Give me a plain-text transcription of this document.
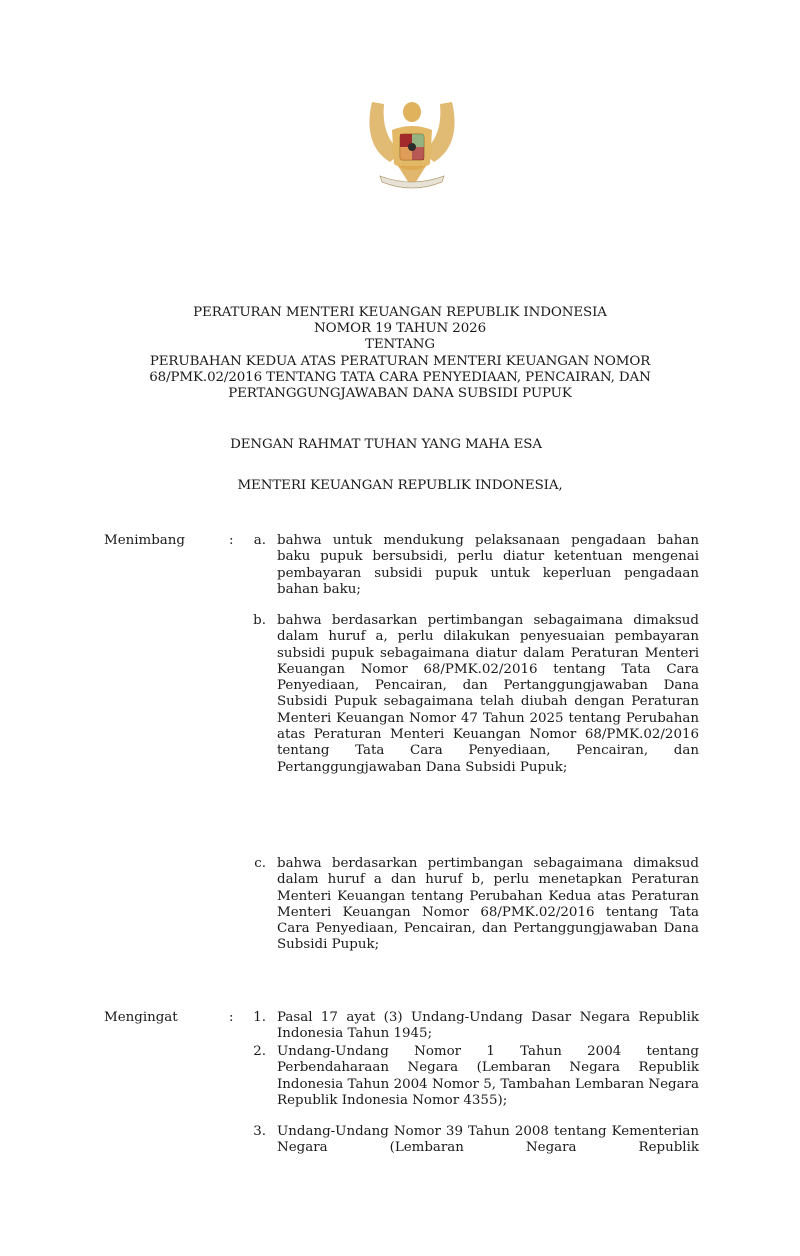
PERATURAN MENTERI KEUANGAN REPUBLIK INDONESIA
NOMOR 19 TAHUN 2026
TENTANG
PERUBAHAN KEDUA ATAS PERATURAN MENTERI KEUANGAN NOMOR
68/PMK.02/2016 TENTANG TATA CARA PENYEDIAAN, PENCAIRAN, DAN
PERTANGGUNGJAWABAN DANA SUBSIDI PUPUK
DENGAN RAHMAT TUHAN YANG MAHA ESA
MENTERI KEUANGAN REPUBLIK INDONESIA,
Menimbang	:	a. bahwa untuk mendukung pelaksanaan pengadaan bahan baku pupuk bersubsidi, perlu diatur ketentuan mengenai pembayaran subsidi pupuk untuk keperluan pengadaan bahan baku;
b. bahwa berdasarkan pertimbangan sebagaimana dimaksud dalam huruf a, perlu dilakukan penyesuaian pembayaran subsidi pupuk sebagaimana diatur dalam Peraturan Menteri Keuangan Nomor 68/PMK.02/2016 tentang Tata Cara Penyediaan, Pencairan, dan Pertanggungjawaban Dana Subsidi Pupuk sebagaimana telah diubah dengan Peraturan Menteri Keuangan Nomor 47 Tahun 2025 tentang Perubahan atas Peraturan Menteri Keuangan Nomor 68/PMK.02/2016 tentang Tata Cara Penyediaan, Pencairan, dan Pertanggungjawaban Dana Subsidi Pupuk;
c. bahwa berdasarkan pertimbangan sebagaimana dimaksud dalam huruf a dan huruf b, perlu menetapkan Peraturan Menteri Keuangan tentang Perubahan Kedua atas Peraturan Menteri Keuangan Nomor 68/PMK.02/2016 tentang Tata Cara Penyediaan, Pencairan, dan Pertanggungjawaban Dana Subsidi Pupuk;
Mengingat	:	1. Pasal 17 ayat (3) Undang-Undang Dasar Negara Republik Indonesia Tahun 1945;
2. Undang-Undang Nomor 1 Tahun 2004 tentang Perbendaharaan Negara (Lembaran Negara Republik Indonesia Tahun 2004 Nomor 5, Tambahan Lembaran Negara Republik Indonesia Nomor 4355);
3. Undang-Undang Nomor 39 Tahun 2008 tentang Kementerian Negara (Lembaran Negara Republik
